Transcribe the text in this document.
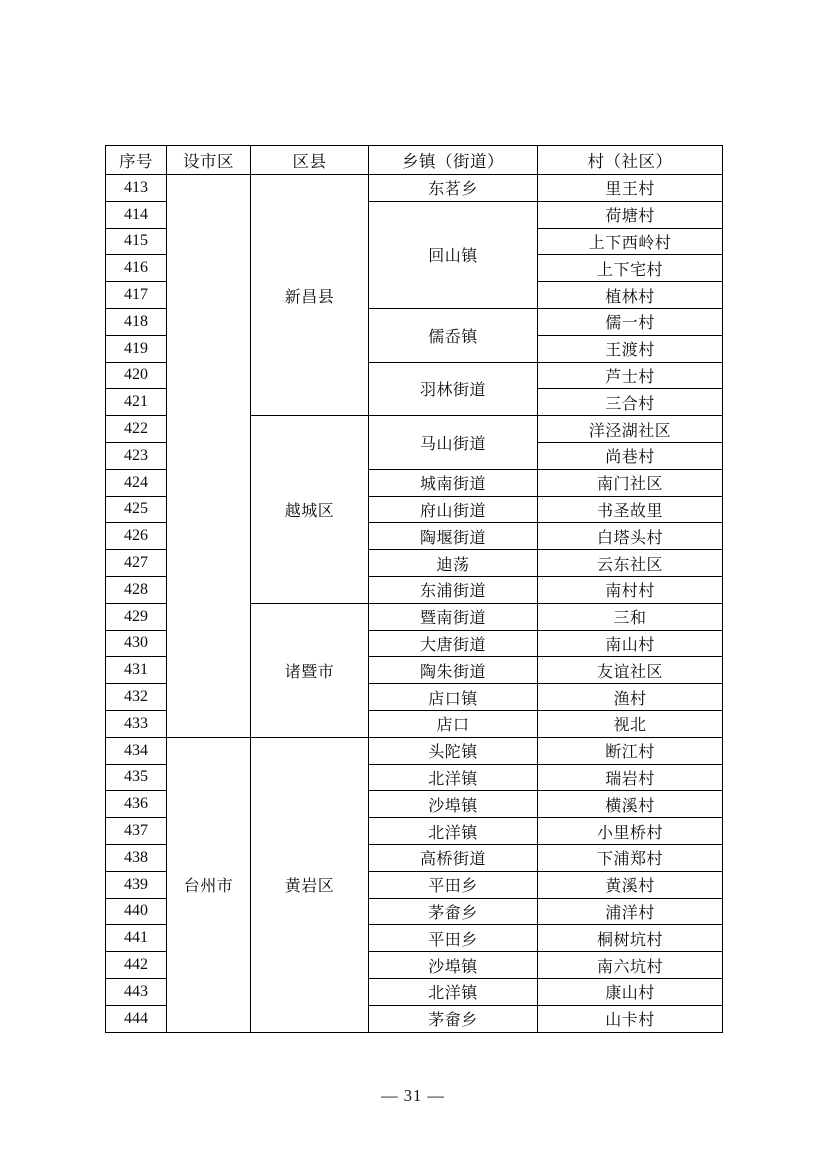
序号	设市区	区县	乡镇（街道）	村（社区）
413		新昌县	东茗乡	里王村
414			回山镇	荷塘村
415				上下西岭村
416				上下宅村
417				植林村
418			儒岙镇	儒一村
419				王渡村
420			羽林街道	芦士村
421				三合村
422		越城区	马山街道	洋泾湖社区
423				尚巷村
424			城南街道	南门社区
425			府山街道	书圣故里
426			陶堰街道	白塔头村
427			迪荡	云东社区
428			东浦街道	南村村
429		诸暨市	暨南街道	三和
430			大唐街道	南山村
431			陶朱街道	友谊社区
432			店口镇	渔村
433			店口	视北
434	台州市	黄岩区	头陀镇	断江村
435			北洋镇	瑞岩村
436			沙埠镇	横溪村
437			北洋镇	小里桥村
438			高桥街道	下浦郑村
439			平田乡	黄溪村
440			茅畲乡	浦洋村
441			平田乡	桐树坑村
442			沙埠镇	南六坑村
443			北洋镇	康山村
444			茅畲乡	山卡村
— 31 —
